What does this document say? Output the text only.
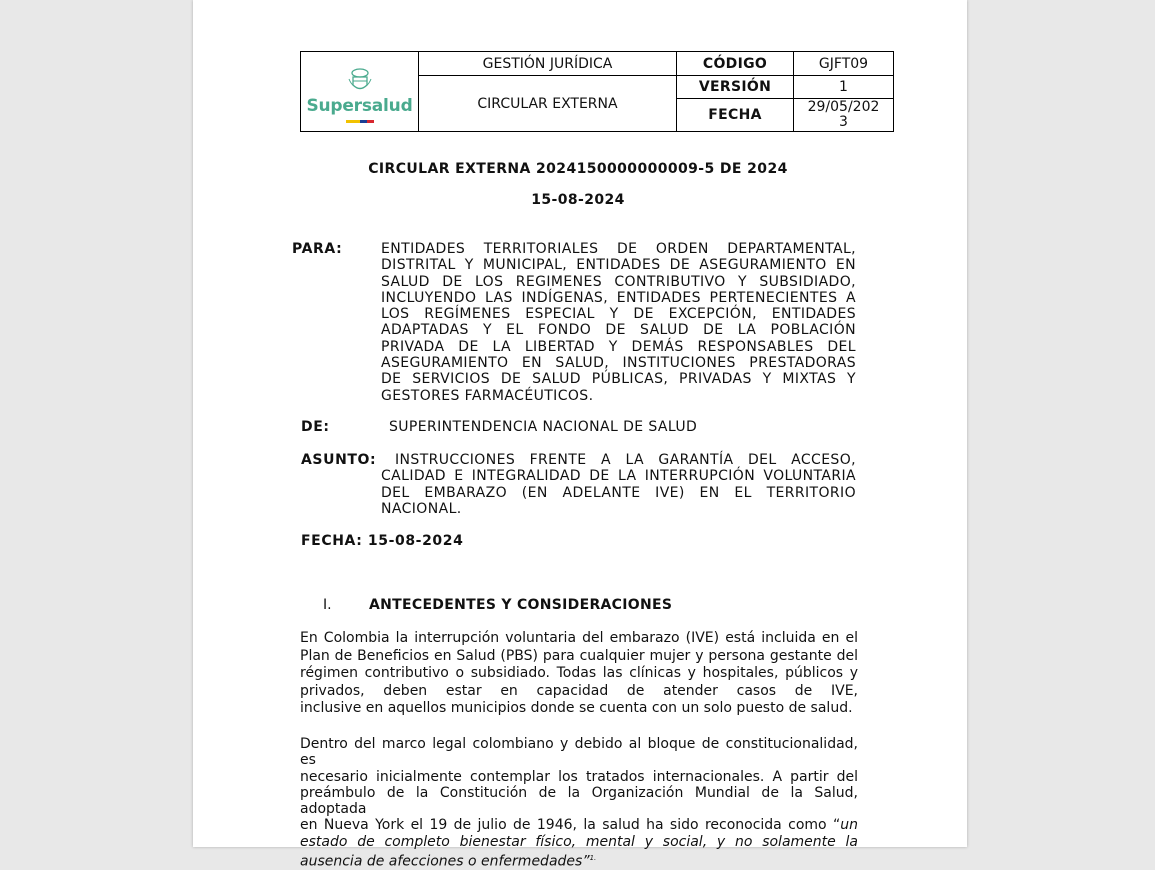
Supersalud	GESTIÓN JURÍDICA	CÓDIGO	GJFT09
	CIRCULAR EXTERNA	VERSIÓN	1
		FECHA	29/05/202
3
CIRCULAR EXTERNA 2024150000000009-5 DE 2024
15-08-2024
PARA:	ENTIDADES TERRITORIALES DE ORDEN DEPARTAMENTAL,
DISTRITAL Y MUNICIPAL, ENTIDADES DE ASEGURAMIENTO EN
SALUD DE LOS REGIMENES CONTRIBUTIVO Y SUBSIDIADO,
INCLUYENDO LAS INDÍGENAS, ENTIDADES PERTENECIENTES A
LOS REGÍMENES ESPECIAL Y DE EXCEPCIÓN, ENTIDADES
ADAPTADAS Y EL FONDO DE SALUD DE LA POBLACIÓN
PRIVADA DE LA LIBERTAD Y DEMÁS RESPONSABLES DEL
ASEGURAMIENTO EN SALUD, INSTITUCIONES PRESTADORAS
DE SERVICIOS DE SALUD PÚBLICAS, PRIVADAS Y MIXTAS Y
GESTORES FARMACÉUTICOS.
DE:	SUPERINTENDENCIA NACIONAL DE SALUD
ASUNTO:	INSTRUCCIONES FRENTE A LA GARANTÍA DEL ACCESO,
CALIDAD E INTEGRALIDAD DE LA INTERRUPCIÓN VOLUNTARIA
DEL EMBARAZO (EN ADELANTE IVE) EN EL TERRITORIO
NACIONAL.
FECHA: 15-08-2024
I.	ANTECEDENTES Y CONSIDERACIONES
En Colombia la interrupción voluntaria del embarazo (IVE) está incluida en el
Plan de Beneficios en Salud (PBS) para cualquier mujer y persona gestante del
régimen contributivo o subsidiado. Todas las clínicas y hospitales, públicos y
privados, deben estar en capacidad de atender casos de IVE,
inclusive en aquellos municipios donde se cuenta con un solo puesto de salud.
Dentro del marco legal colombiano y debido al bloque de constitucionalidad, es
necesario inicialmente contemplar los tratados internacionales. A partir del
preámbulo de la Constitución de la Organización Mundial de la Salud, adoptada
en Nueva York el 19 de julio de 1946, la salud ha sido reconocida como “un
estado de completo bienestar físico, mental y social, y no solamente la
ausencia de afecciones o enfermedades”$^{1.}$
